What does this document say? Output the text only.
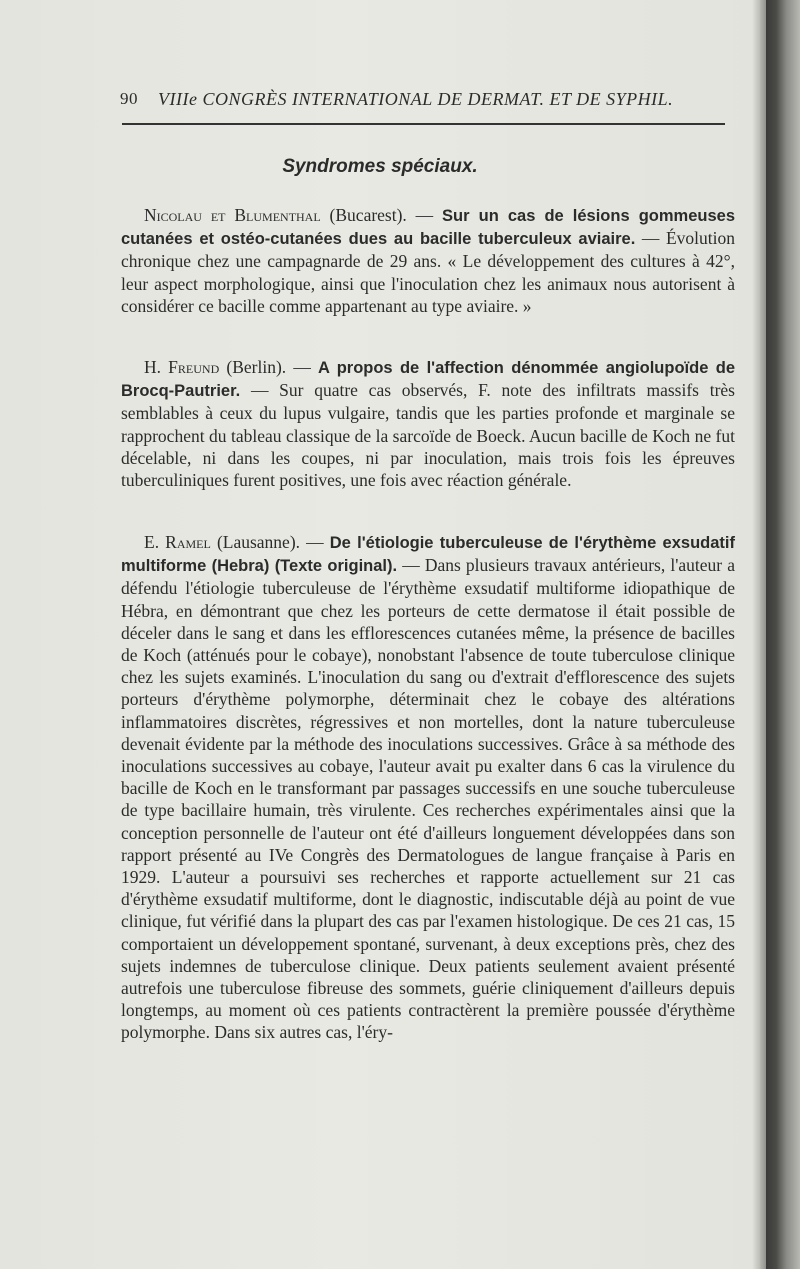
90 VIIIe CONGRÈS INTERNATIONAL DE DERMAT. ET DE SYPHIL.
Syndromes spéciaux.

Nicolau et Blumenthal (Bucarest). — Sur un cas de lésions gommeuses cutanées et ostéo-cutanées dues au bacille tuberculeux aviaire. — Évolution chronique chez une campagnarde de 29 ans. « Le développement des cultures à 42°, leur aspect morphologique, ainsi que l'inoculation chez les animaux nous autorisent à considérer ce bacille comme appartenant au type aviaire. »

H. Freund (Berlin). — A propos de l'affection dénommée angiolupoïde de Brocq-Pautrier. — Sur quatre cas observés, F. note des infiltrats massifs très semblables à ceux du lupus vulgaire, tandis que les parties profonde et marginale se rapprochent du tableau classique de la sarcoïde de Boeck. Aucun bacille de Koch ne fut décelable, ni dans les coupes, ni par inoculation, mais trois fois les épreuves tuberculiniques furent positives, une fois avec réaction générale.

E. Ramel (Lausanne). — De l'étiologie tuberculeuse de l'érythème exsudatif multiforme (Hebra) (Texte original). — Dans plusieurs travaux antérieurs, l'auteur a défendu l'étiologie tuberculeuse de l'érythème exsudatif multiforme idiopathique de Hébra, en démontrant que chez les porteurs de cette dermatose il était possible de déceler dans le sang et dans les efflorescences cutanées même, la présence de bacilles de Koch (atténués pour le cobaye), nonobstant l'absence de toute tuberculose clinique chez les sujets examinés. L'inoculation du sang ou d'extrait d'efflorescence des sujets porteurs d'érythème polymorphe, déterminait chez le cobaye des altérations inflammatoires discrètes, régressives et non mortelles, dont la nature tuberculeuse devenait évidente par la méthode des inoculations successives. Grâce à sa méthode des inoculations successives au cobaye, l'auteur avait pu exalter dans 6 cas la virulence du bacille de Koch en le transformant par passages successifs en une souche tuberculeuse de type bacillaire humain, très virulente. Ces recherches expérimentales ainsi que la conception personnelle de l'auteur ont été d'ailleurs longuement développées dans son rapport présenté au IVe Congrès des Dermatologues de langue française à Paris en 1929. L'auteur a poursuivi ses recherches et rapporte actuellement sur 21 cas d'érythème exsudatif multiforme, dont le diagnostic, indiscutable déjà au point de vue clinique, fut vérifié dans la plupart des cas par l'examen histologique. De ces 21 cas, 15 comportaient un développement spontané, survenant, à deux exceptions près, chez des sujets indemnes de tuberculose clinique. Deux patients seulement avaient présenté autrefois une tuberculose fibreuse des sommets, guérie cliniquement d'ailleurs depuis longtemps, au moment où ces patients contractèrent la première poussée d'érythème polymorphe. Dans six autres cas, l'éry-
